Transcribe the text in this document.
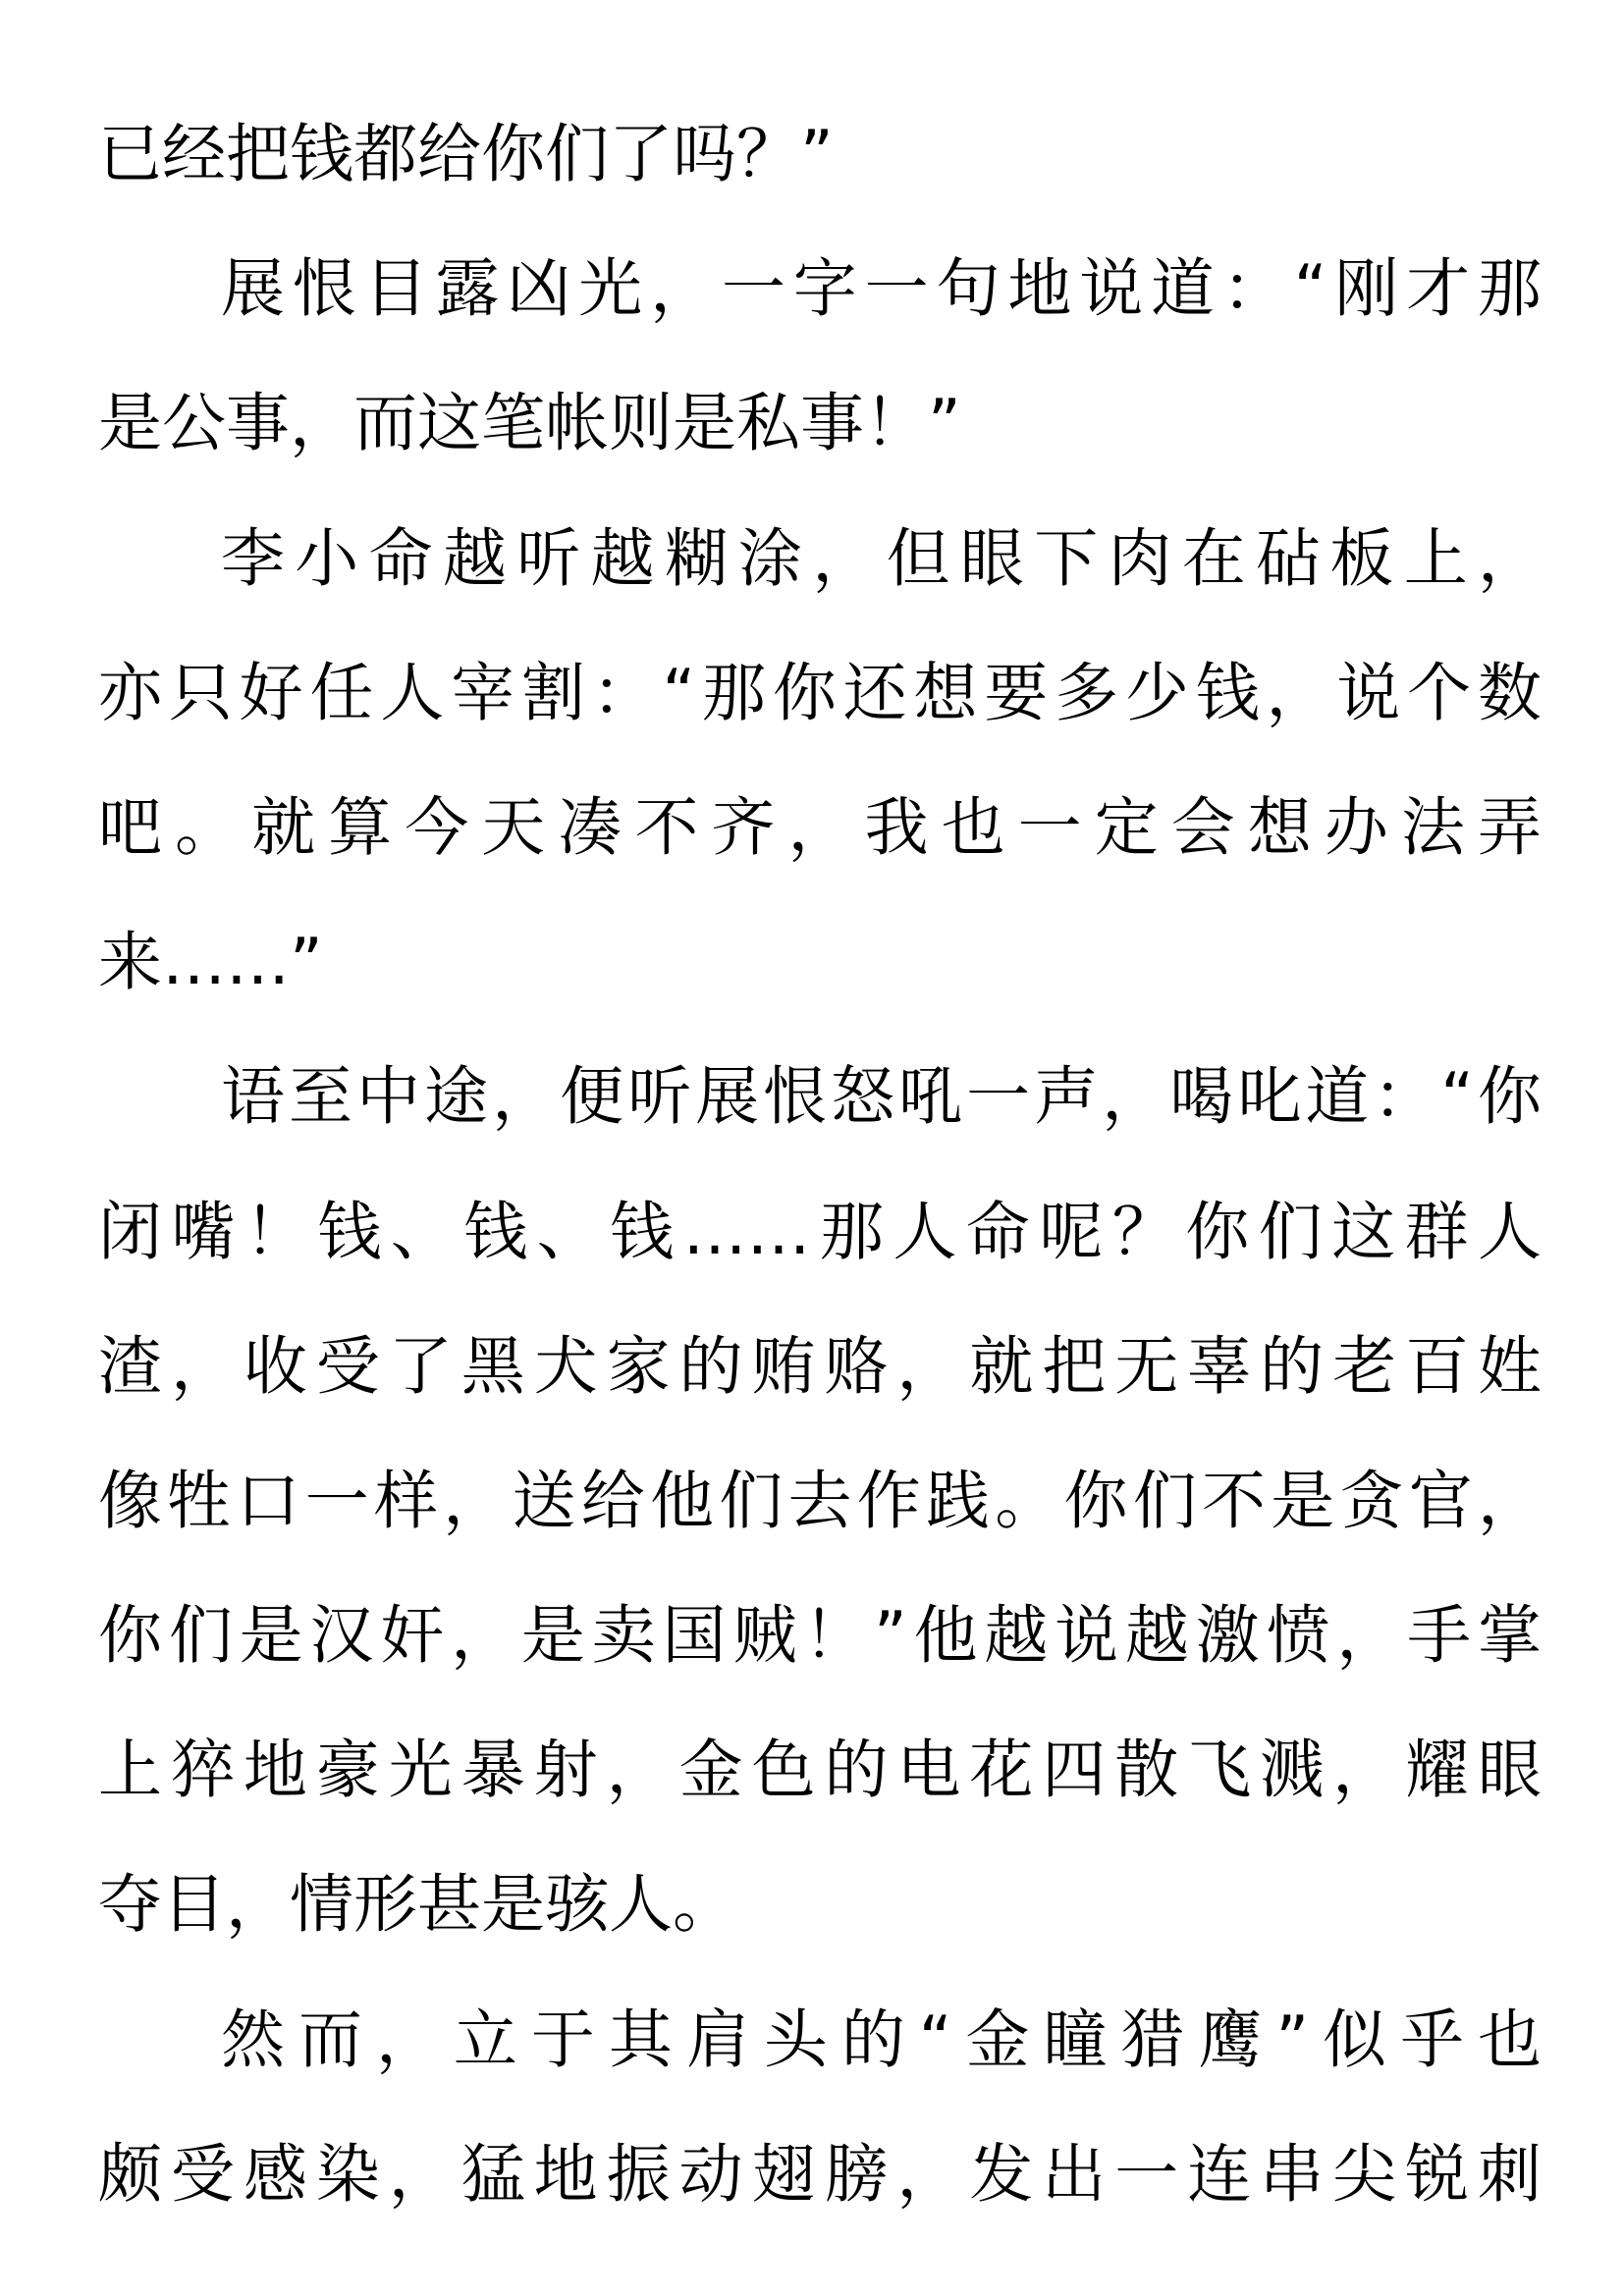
已经把钱都给你们了吗？”
展恨目露凶光，一字一句地说道：“刚才那
是公事，而这笔帐则是私事！”
李小命越听越糊涂，但眼下肉在砧板上，
亦只好任人宰割：“那你还想要多少钱，说个数
吧。就算今天凑不齐，我也一定会想办法弄
来……”
语至中途，便听展恨怒吼一声，喝叱道：“你
闭嘴！钱、钱、钱……那人命呢？你们这群人
渣，收受了黑犬家的贿赂，就把无辜的老百姓
像牲口一样，送给他们去作践。你们不是贪官，
你们是汉奸，是卖国贼！”他越说越激愤，手掌
上猝地豪光暴射，金色的电花四散飞溅，耀眼
夺目，情形甚是骇人。
然而，立于其肩头的“金瞳猎鹰”似乎也
颇受感染，猛地振动翅膀，发出一连串尖锐刺
